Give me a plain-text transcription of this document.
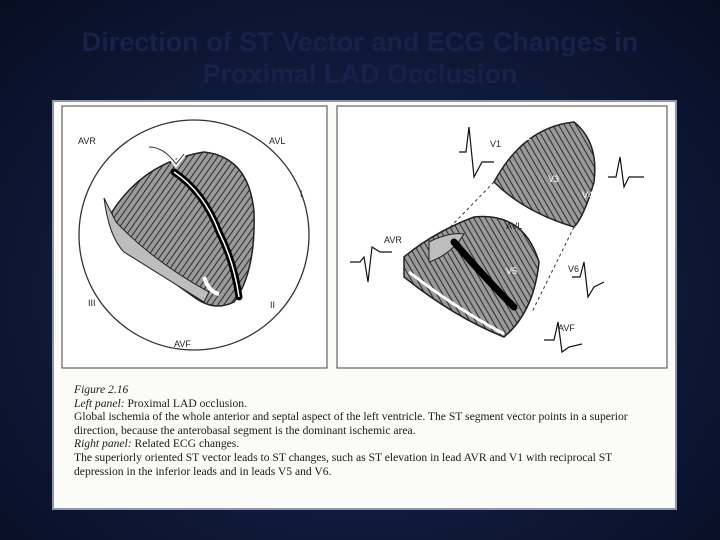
Direction of ST Vector and ECG Changes in
Proximal LAD Occlusion
AVR	AVL
I
II
III
AVF
V1
V2
V3
V4
AVL
AVR
V5	V6
AVF
Figure 2.16
Left panel: Proximal LAD occlusion.
Global ischemia of the whole anterior and septal aspect of the left ventricle. The ST segment vector points in a superior direction, because the anterobasal segment is the dominant ischemic area.
Right panel: Related ECG changes.
The superiorly oriented ST vector leads to ST changes, such as ST elevation in lead AVR and V1 with reciprocal ST depression in the inferior leads and in leads V5 and V6.
